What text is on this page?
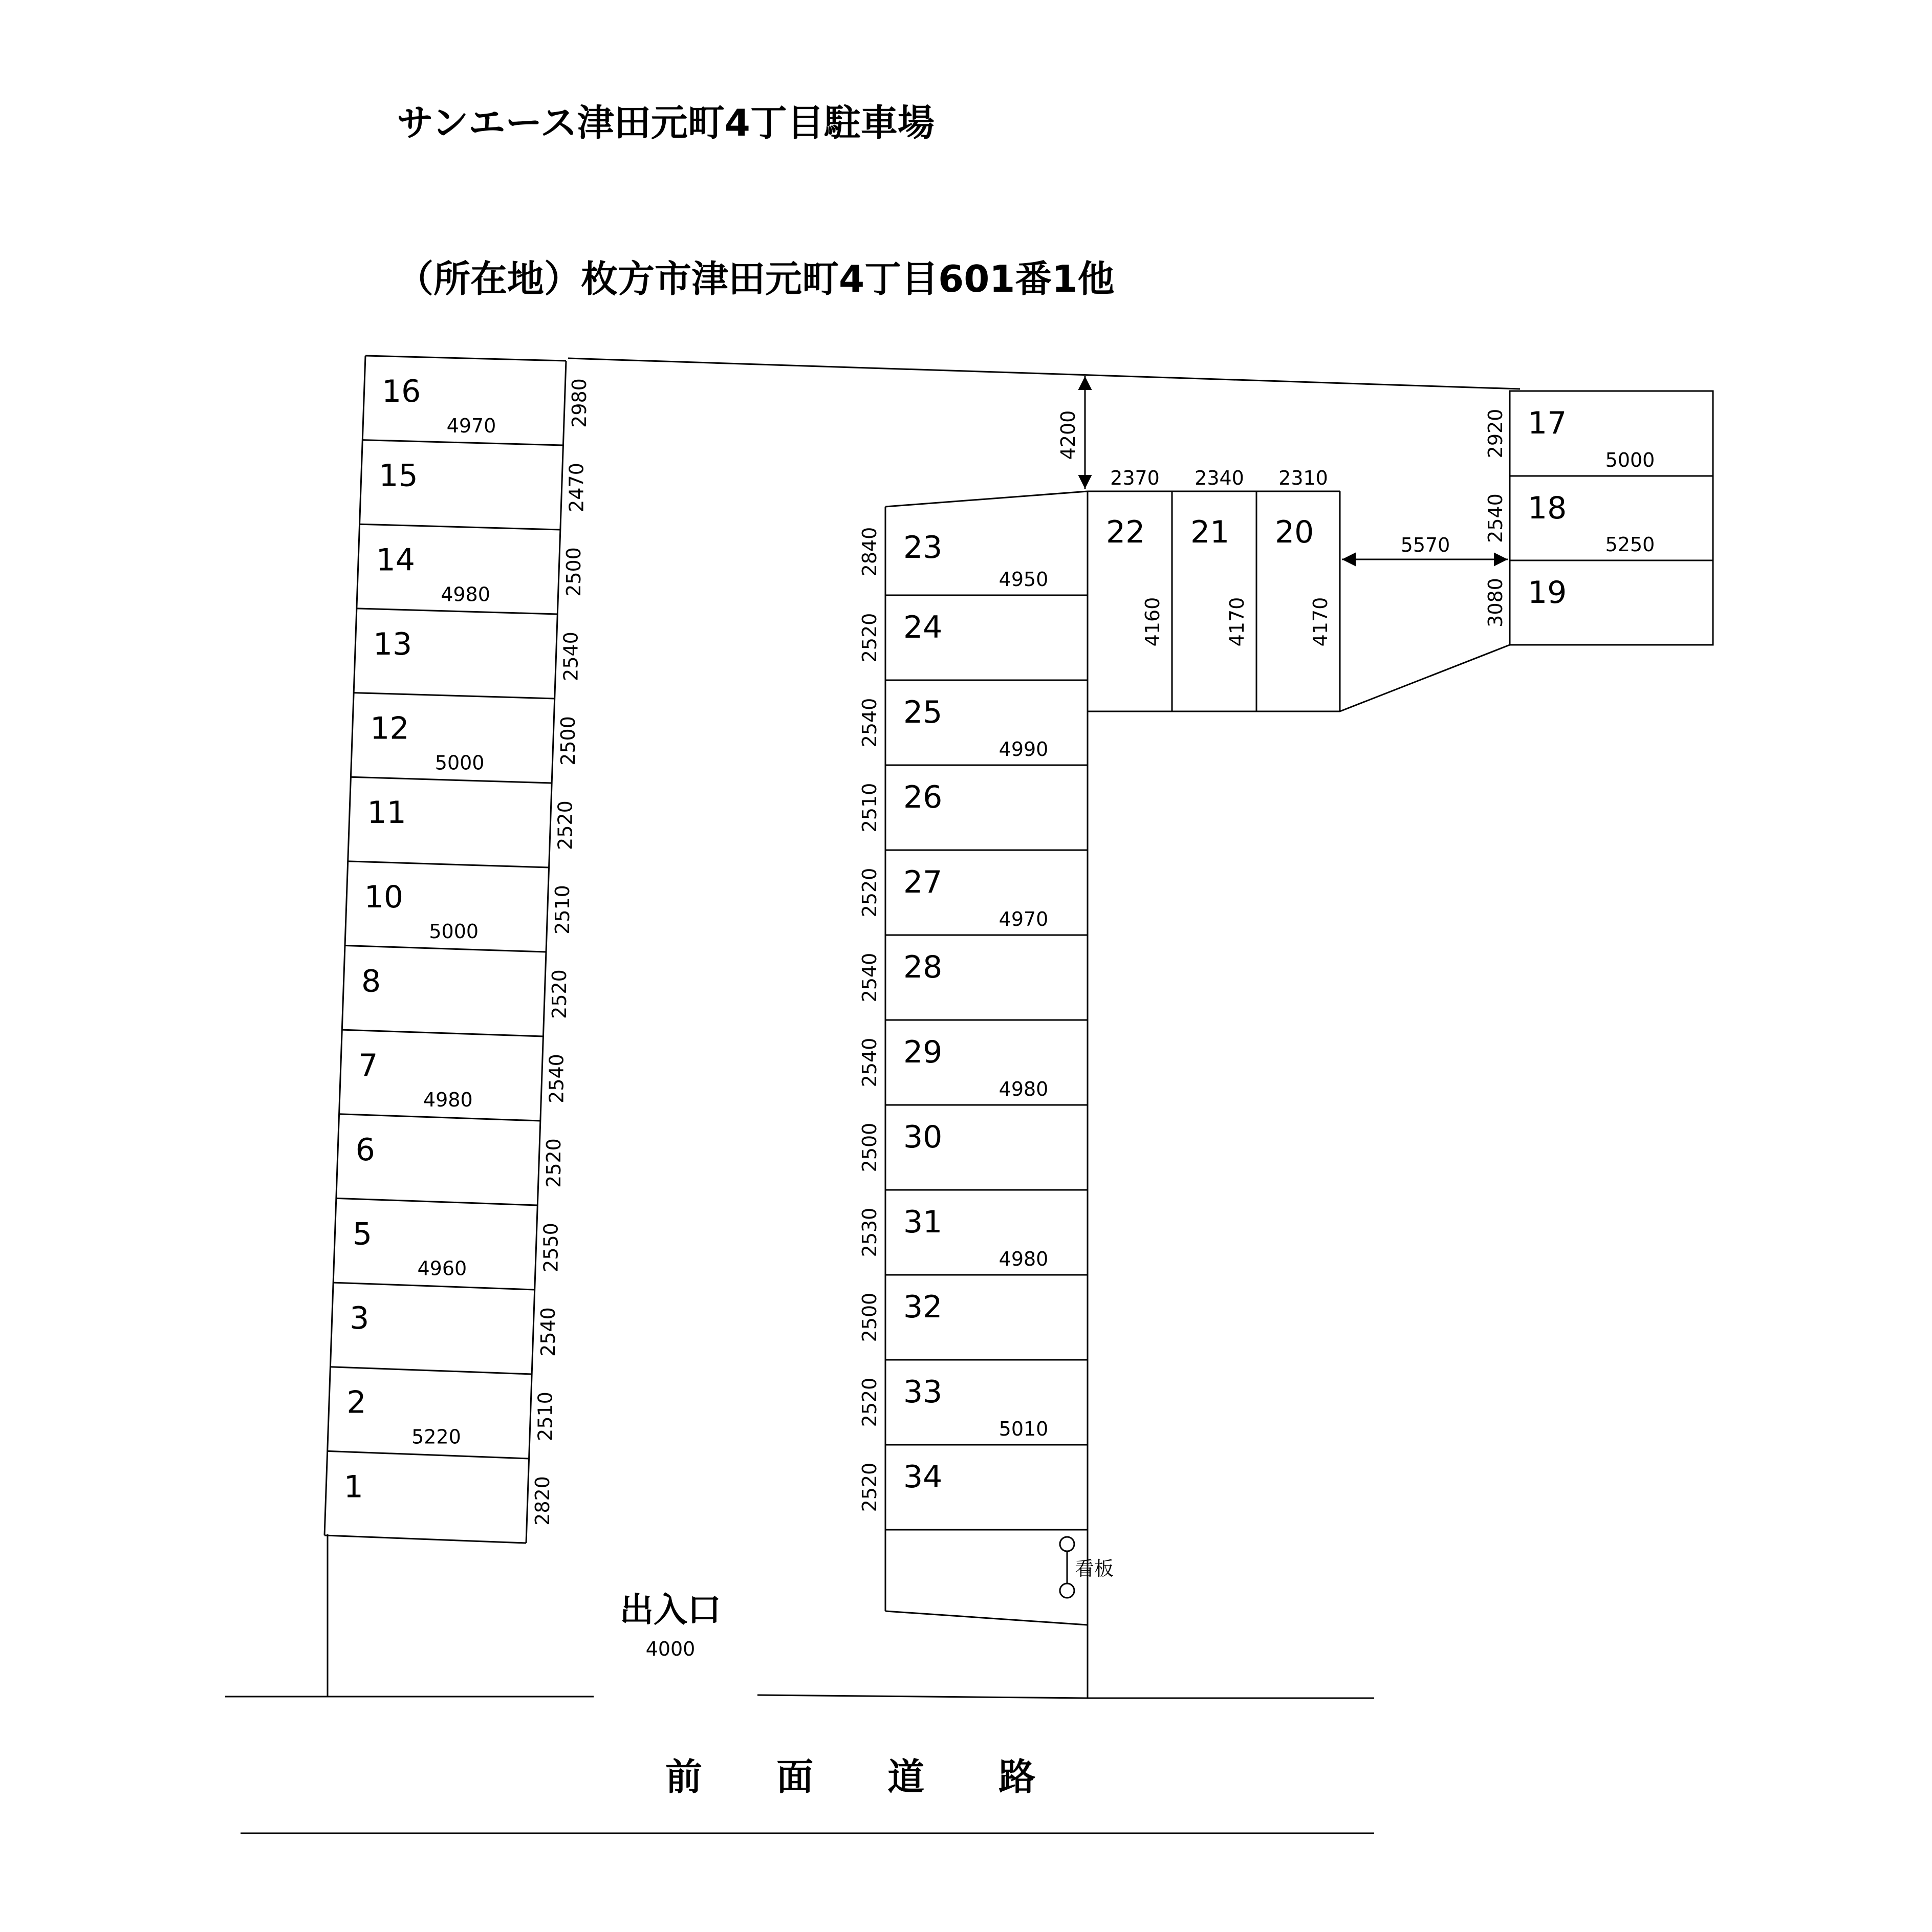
サンエース津田元町4丁目駐車場
（所在地）枚方市津田元町4丁目601番1他
4200
5570
16
4970	2980
15	2470
14
4980	2500
13	2540
12
5000	2500
11	2520
10
5000	2510
8	2520
7
4980	2540
6	2520
5
4960	2550
3	2540
2
5220	2510
1	2820
23
4950
2840
24
2520
25
4990
2540
26
2510
27
4970
2520
28
2540
29
4980
2540
30
2500
31
4980
2530
32
2500
33
5010
2520
34
2520
22
2370
4160
21
2340
4170
20
2310
4170
17
2920
5000
18
2540
5250
19
3080
看板
出入口
4000
前 面 道 路
